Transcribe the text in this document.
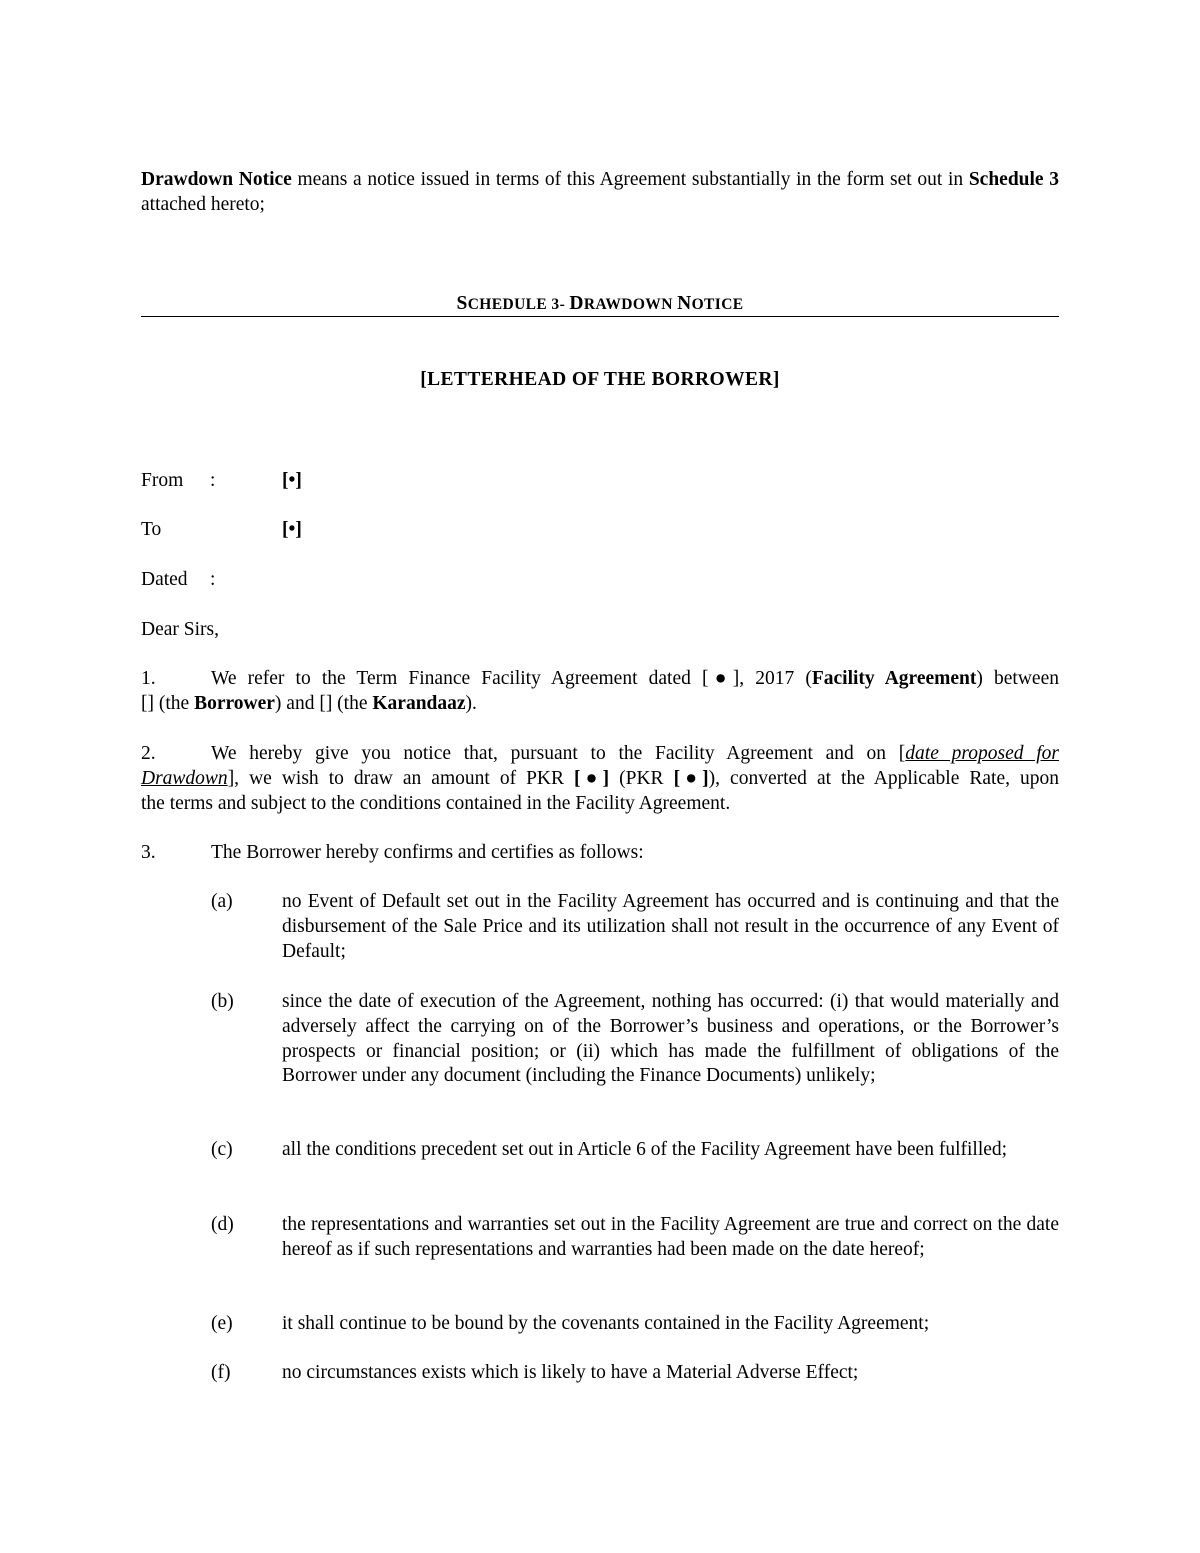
Drawdown Notice means a notice issued in terms of this Agreement substantially in the form set out in Schedule 3 attached hereto;
SCHEDULE 3- DRAWDOWN NOTICE
[LETTERHEAD OF THE BORROWER]
From :	[•]
To	[•]
Dated :
Dear Sirs,
1.	We refer to the Term Finance Facility Agreement dated [●], 2017 (Facility Agreement) between
[] (the Borrower) and [] (the Karandaaz).
2.	We hereby give you notice that, pursuant to the Facility Agreement and on [date proposed for
Drawdown], we wish to draw an amount of PKR [●] (PKR [●]), converted at the Applicable Rate, upon
the terms and subject to the conditions contained in the Facility Agreement.
3.	The Borrower hereby confirms and certifies as follows:
(a)	no Event of Default set out in the Facility Agreement has occurred and is continuing and that the disbursement of the Sale Price and its utilization shall not result in the occurrence of any Event of Default;
(b) since the date of execution of the Agreement, nothing has occurred: (i) that would materially and adversely affect the carrying on of the Borrower’s business and operations, or the Borrower’s prospects or financial position; or (ii) which has made the fulfillment of obligations of the Borrower under any document (including the Finance Documents) unlikely;
(c)	all the conditions precedent set out in Article 6 of the Facility Agreement have been fulfilled;
(d) the representations and warranties set out in the Facility Agreement are true and correct on the date hereof as if such representations and warranties had been made on the date hereof;
(e)	it shall continue to be bound by the covenants contained in the Facility Agreement;
(f)	no circumstances exists which is likely to have a Material Adverse Effect;
